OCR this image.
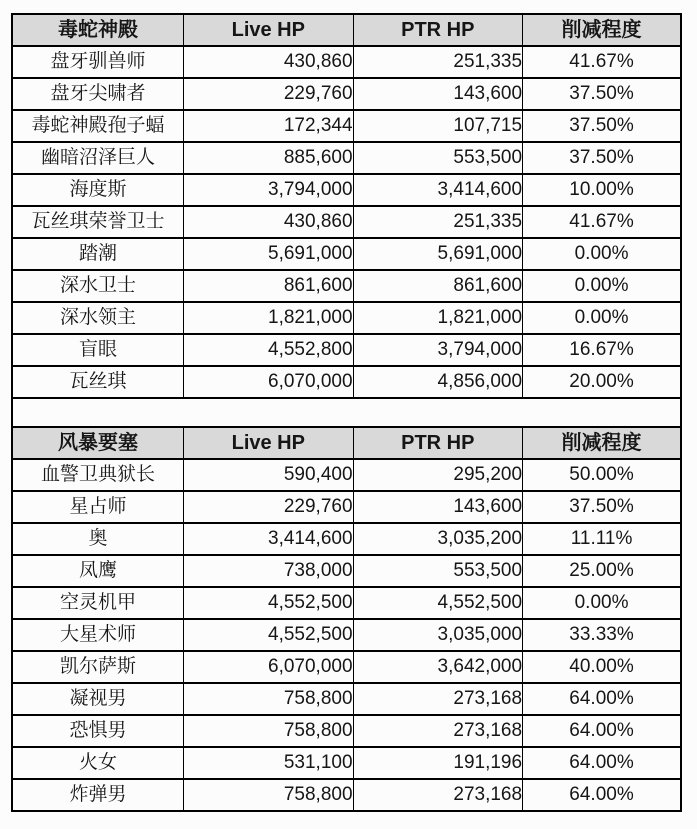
毒蛇神殿	Live HP	PTR HP	削减程度
盘牙驯兽师	430,860	251,335	41.67%
盘牙尖啸者	229,760	143,600	37.50%
毒蛇神殿孢子蝠	172,344	107,715	37.50%
幽暗沼泽巨人	885,600	553,500	37.50%
海度斯	3,794,000	3,414,600	10.00%
瓦丝琪荣誉卫士	430,860	251,335	41.67%
踏潮	5,691,000	5,691,000	0.00%
深水卫士	861,600	861,600	0.00%
深水领主	1,821,000	1,821,000	0.00%
盲眼	4,552,800	3,794,000	16.67%
瓦丝琪	6,070,000	4,856,000	20.00%
风暴要塞	Live HP	PTR HP	削减程度
血警卫典狱长	590,400	295,200	50.00%
星占师	229,760	143,600	37.50%
奥	3,414,600	3,035,200	11.11%
凤鹰	738,000	553,500	25.00%
空灵机甲	4,552,500	4,552,500	0.00%
大星术师	4,552,500	3,035,000	33.33%
凯尔萨斯	6,070,000	3,642,000	40.00%
凝视男	758,800	273,168	64.00%
恐惧男	758,800	273,168	64.00%
火女	531,100	191,196	64.00%
炸弹男	758,800	273,168	64.00%
